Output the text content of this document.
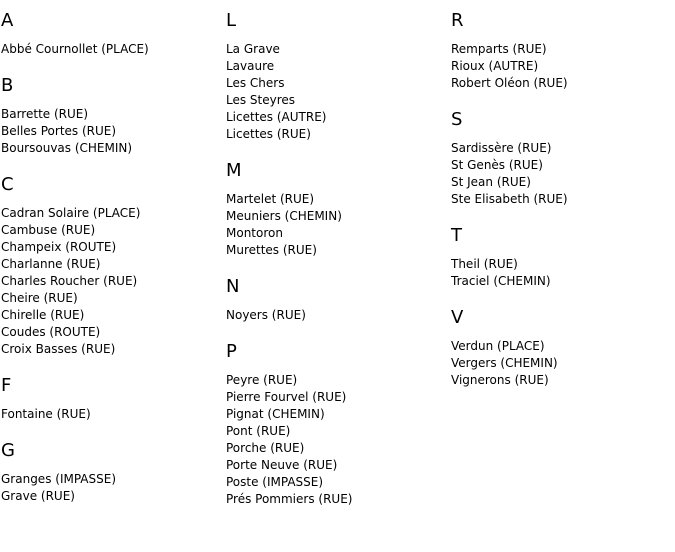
A
Abbé Cournollet (PLACE)
B
Barrette (RUE)
Belles Portes (RUE)
Boursouvas (CHEMIN)
C
Cadran Solaire (PLACE)
Cambuse (RUE)
Champeix (ROUTE)
Charlanne (RUE)
Charles Roucher (RUE)
Cheire (RUE)
Chirelle (RUE)
Coudes (ROUTE)
Croix Basses (RUE)
F
Fontaine (RUE)
G
Granges (IMPASSE)
Grave (RUE)
L
La Grave
Lavaure
Les Chers
Les Steyres
Licettes (AUTRE)
Licettes (RUE)
M
Martelet (RUE)
Meuniers (CHEMIN)
Montoron
Murettes (RUE)
N
Noyers (RUE)
P
Peyre (RUE)
Pierre Fourvel (RUE)
Pignat (CHEMIN)
Pont (RUE)
Porche (RUE)
Porte Neuve (RUE)
Poste (IMPASSE)
Prés Pommiers (RUE)
R
Remparts (RUE)
Rioux (AUTRE)
Robert Oléon (RUE)
S
Sardissère (RUE)
St Genès (RUE)
St Jean (RUE)
Ste Elisabeth (RUE)
T
Theil (RUE)
Traciel (CHEMIN)
V
Verdun (PLACE)
Vergers (CHEMIN)
Vignerons (RUE)
